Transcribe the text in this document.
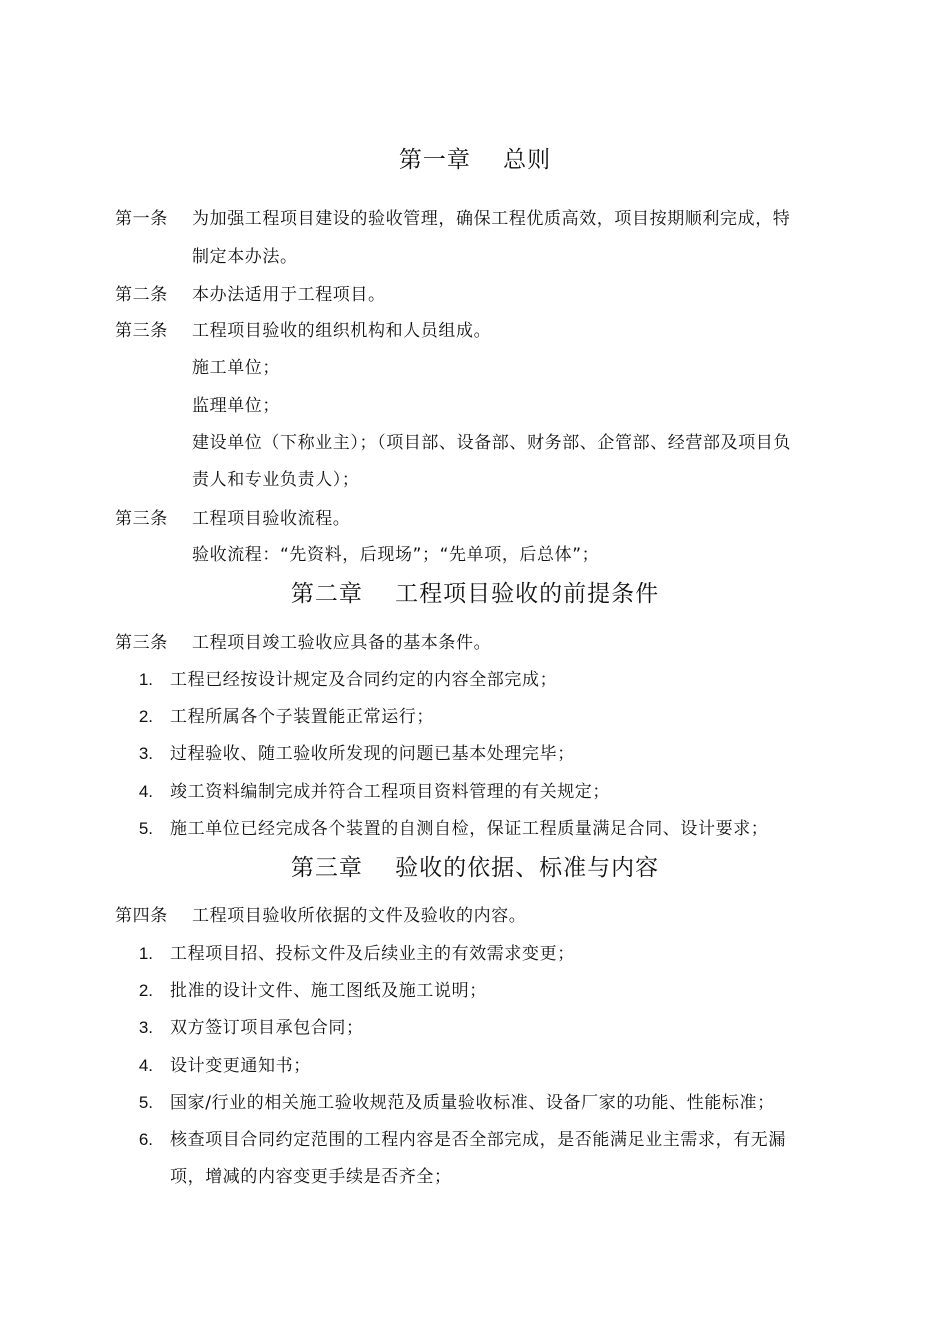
第一章　 总则
第一条 为加强工程项目建设的验收管理，确保工程优质高效，项目按期顺利完成，特
制定本办法。
第二条 本办法适用于工程项目。
第三条 工程项目验收的组织机构和人员组成。
施工单位；
监理单位；
建设单位（下称业主）；（项目部、设备部、财务部、企管部、经营部及项目负
责人和专业负责人）；
第三条 工程项目验收流程。
验收流程：“先资料，后现场”；“先单项，后总体”；
第二章　 工程项目验收的前提条件
第三条 工程项目竣工验收应具备的基本条件。
1. 工程已经按设计规定及合同约定的内容全部完成；
2. 工程所属各个子装置能正常运行；
3. 过程验收、随工验收所发现的问题已基本处理完毕；
4. 竣工资料编制完成并符合工程项目资料管理的有关规定；
5. 施工单位已经完成各个装置的自测自检，保证工程质量满足合同、设计要求；
第三章　 验收的依据、标准与内容
第四条 工程项目验收所依据的文件及验收的内容。
1. 工程项目招、投标文件及后续业主的有效需求变更；
2. 批准的设计文件、施工图纸及施工说明；
3. 双方签订项目承包合同；
4. 设计变更通知书；
5. 国家/行业的相关施工验收规范及质量验收标准、设备厂家的功能、性能标准；
6. 核查项目合同约定范围的工程内容是否全部完成，是否能满足业主需求，有无漏
项，增减的内容变更手续是否齐全；
